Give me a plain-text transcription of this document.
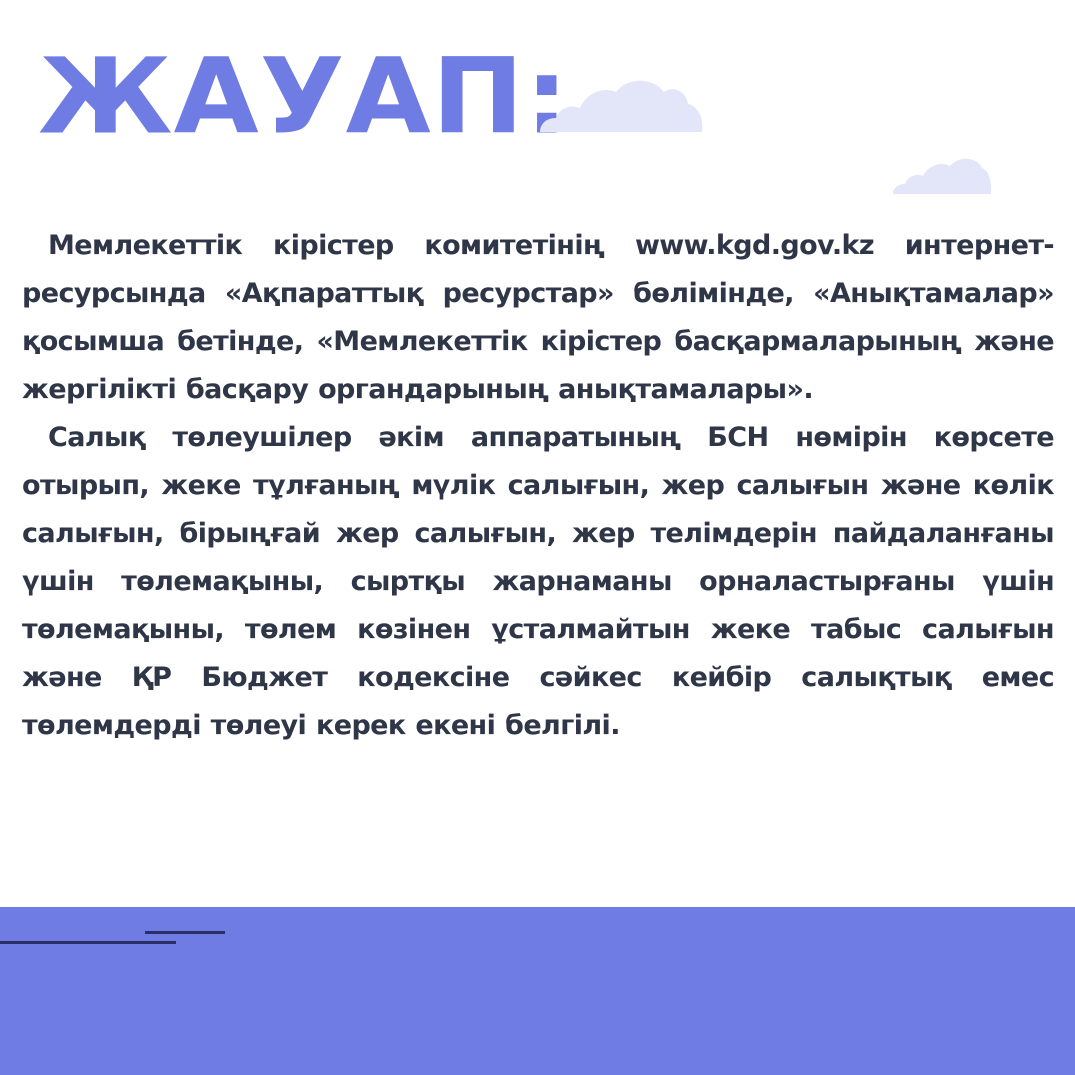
ЖАУАП:

Мемлекеттік кірістер комитетінің www.kgd.gov.kz интернет-ресурсында «Ақпараттық ресурстар» бөлімінде, «Анықтамалар» қосымша бетінде, «Мемлекеттік кірістер басқармаларының және жергілікті басқару органдарының анықтамалары».

Салық төлеушілер әкім аппаратының БСН нөмірін көрсете отырып, жеке тұлғаның мүлік салығын, жер салығын және көлік салығын, бірыңғай жер салығын, жер телімдерін пайдаланғаны үшін төлемақыны, сыртқы жарнаманы орналастырғаны үшін төлемақыны, төлем көзінен ұсталмайтын жеке табыс салығын және ҚР Бюджет кодексіне сәйкес кейбір салықтық емес төлемдерді төлеуі керек екені белгілі.
